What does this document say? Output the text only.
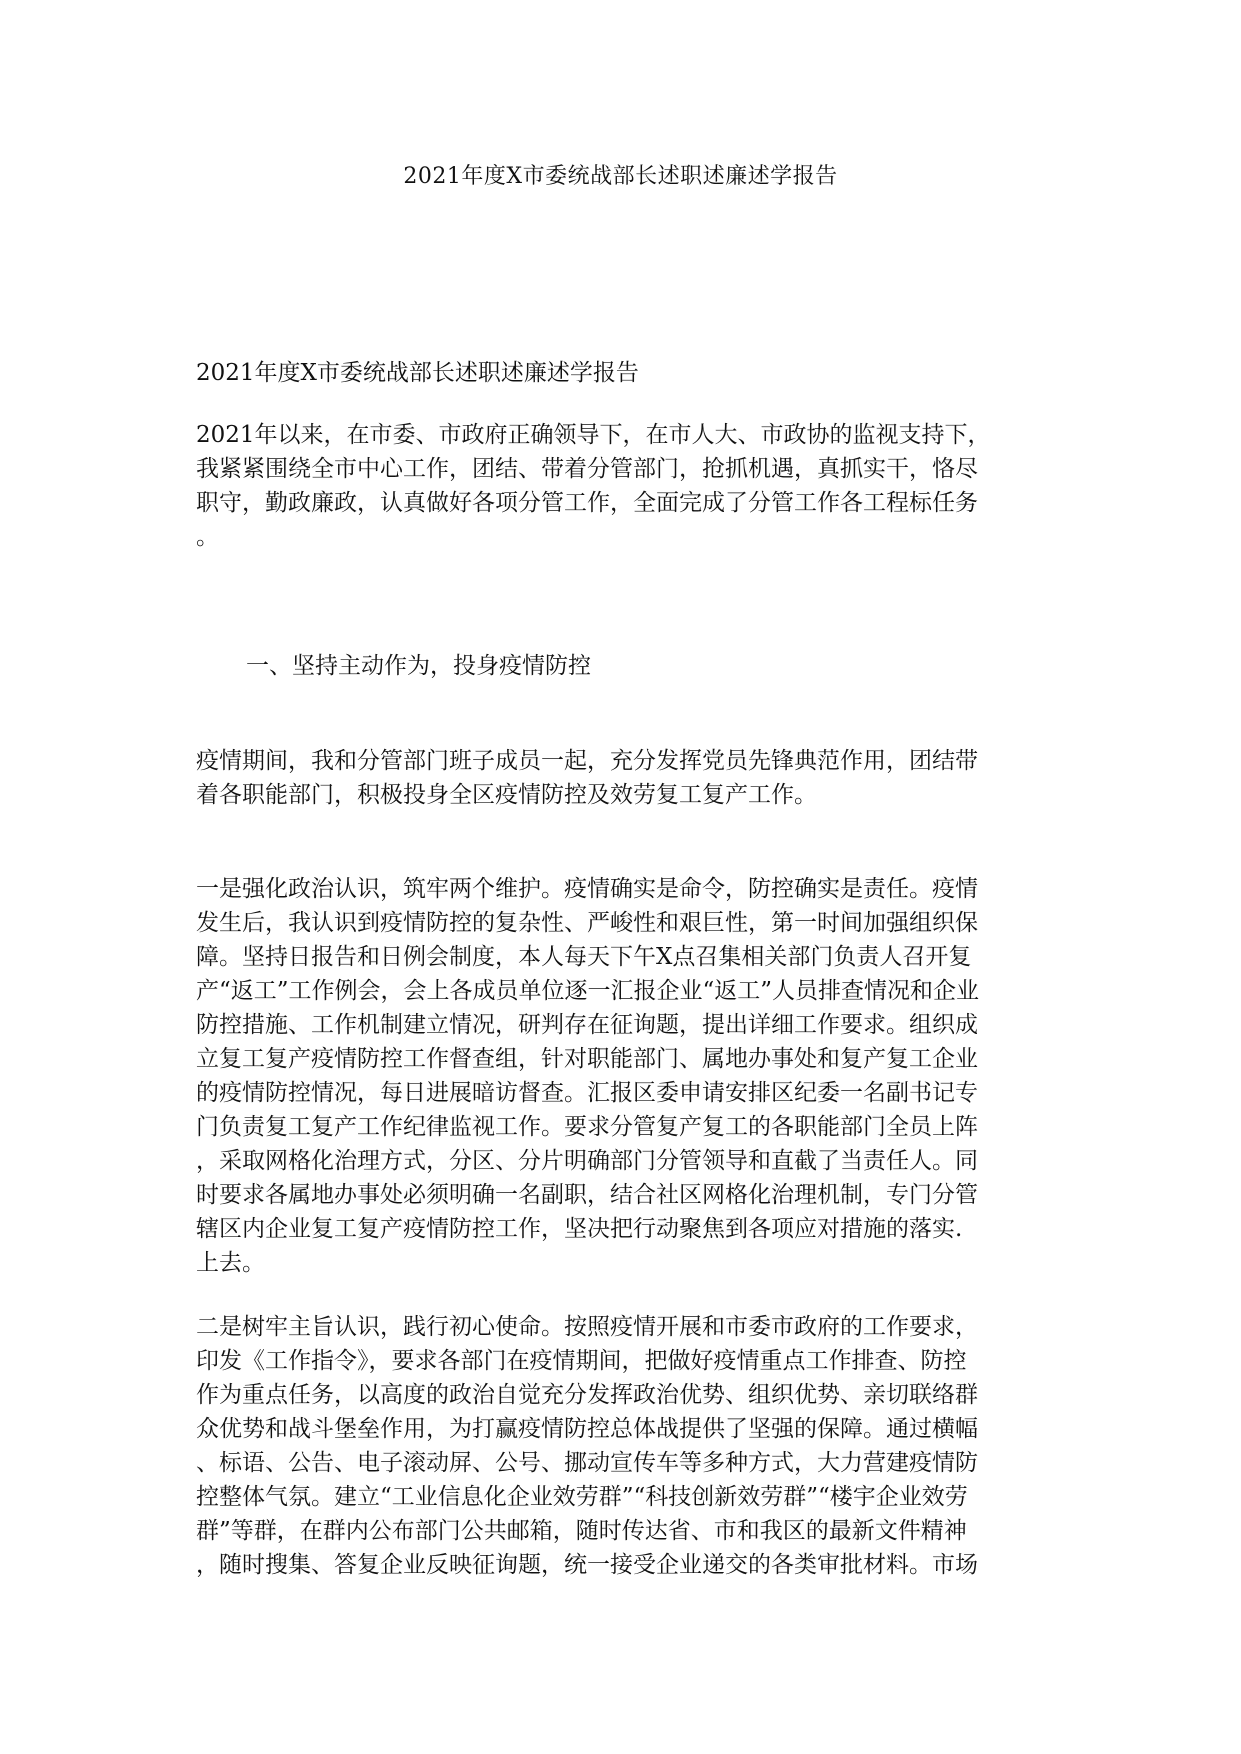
2021年度X市委统战部长述职述廉述学报告
2021年度X市委统战部长述职述廉述学报告
2021年以来，在市委、市政府正确领导下，在市人大、市政协的监视支持下，
我紧紧围绕全市中心工作，团结、带着分管部门，抢抓机遇，真抓实干，恪尽
职守，勤政廉政，认真做好各项分管工作，全面完成了分管工作各工程标任务
。
一、坚持主动作为，投身疫情防控
疫情期间，我和分管部门班子成员一起，充分发挥党员先锋典范作用，团结带
着各职能部门，积极投身全区疫情防控及效劳复工复产工作。
一是强化政治认识，筑牢两个维护。疫情确实是命令，防控确实是责任。疫情
发生后，我认识到疫情防控的复杂性、严峻性和艰巨性，第一时间加强组织保
障。坚持日报告和日例会制度，本人每天下午X点召集相关部门负责人召开复
产“返工”工作例会，会上各成员单位逐一汇报企业“返工”人员排查情况和企业
防控措施、工作机制建立情况，研判存在征询题，提出详细工作要求。组织成
立复工复产疫情防控工作督查组，针对职能部门、属地办事处和复产复工企业
的疫情防控情况，每日进展暗访督查。汇报区委申请安排区纪委一名副书记专
门负责复工复产工作纪律监视工作。要求分管复产复工的各职能部门全员上阵
，采取网格化治理方式，分区、分片明确部门分管领导和直截了当责任人。同
时要求各属地办事处必须明确一名副职，结合社区网格化治理机制，专门分管
辖区内企业复工复产疫情防控工作，坚决把行动聚焦到各项应对措施的落实.
上去。
二是树牢主旨认识，践行初心使命。按照疫情开展和市委市政府的工作要求，
印发《工作指令》，要求各部门在疫情期间，把做好疫情重点工作排查、防控
作为重点任务，以高度的政治自觉充分发挥政治优势、组织优势、亲切联络群
众优势和战斗堡垒作用，为打赢疫情防控总体战提供了坚强的保障。通过横幅
、标语、公告、电子滚动屏、公号、挪动宣传车等多种方式，大力营建疫情防
控整体气氛。建立“工业信息化企业效劳群”“科技创新效劳群”“楼宇企业效劳
群”等群，在群内公布部门公共邮箱，随时传达省、市和我区的最新文件精神
，随时搜集、答复企业反映征询题，统一接受企业递交的各类审批材料。市场
